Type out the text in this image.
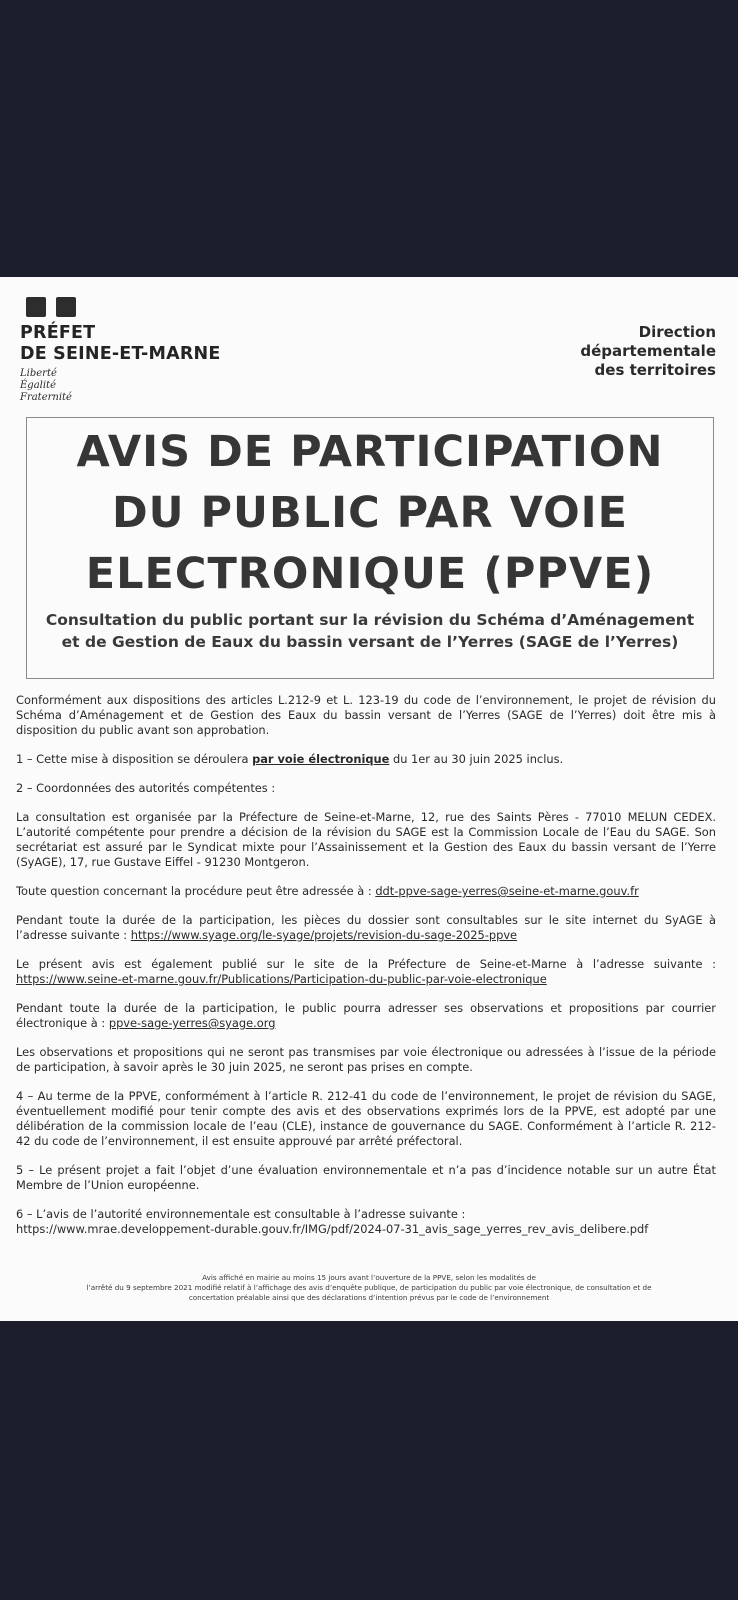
PRÉFET
DE SEINE-ET-MARNE
Liberté
Égalité
Fraternité
Direction
départementale
des territoires
AVIS DE PARTICIPATION
DU PUBLIC PAR VOIE
ELECTRONIQUE (PPVE)
Consultation du public portant sur la révision du Schéma d’Aménagement
et de Gestion de Eaux du bassin versant de l’Yerres (SAGE de l’Yerres)

Conformément aux dispositions des articles L.212-9 et L. 123-19 du code de l’environnement, le projet de révision du Schéma d’Aménagement et de Gestion des Eaux du bassin versant de l’Yerres (SAGE de l’Yerres) doit être mis à disposition du public avant son approbation.

1 – Cette mise à disposition se déroulera par voie électronique du 1er au 30 juin 2025 inclus.

2 – Coordonnées des autorités compétentes :

La consultation est organisée par la Préfecture de Seine-et-Marne, 12, rue des Saints Pères - 77010 MELUN CEDEX. L’autorité compétente pour prendre a décision de la révision du SAGE est la Commission Locale de l’Eau du SAGE. Son secrétariat est assuré par le Syndicat mixte pour l’Assainissement et la Gestion des Eaux du bassin versant de l’Yerre (SyAGE), 17, rue Gustave Eiffel - 91230 Montgeron.

Toute question concernant la procédure peut être adressée à : ddt-ppve-sage-yerres@seine-et-marne.gouv.fr

Pendant toute la durée de la participation, les pièces du dossier sont consultables sur le site internet du SyAGE à l’adresse suivante : https://www.syage.org/le-syage/projets/revision-du-sage-2025-ppve

Le présent avis est également publié sur le site de la Préfecture de Seine-et-Marne à l’adresse suivante : https://www.seine-et-marne.gouv.fr/Publications/Participation-du-public-par-voie-electronique

Pendant toute la durée de la participation, le public pourra adresser ses observations et propositions par courrier électronique à : ppve-sage-yerres@syage.org

Les observations et propositions qui ne seront pas transmises par voie électronique ou adressées à l’issue de la période de participation, à savoir après le 30 juin 2025, ne seront pas prises en compte.

4 – Au terme de la PPVE, conformément à l’article R. 212-41 du code de l’environnement, le projet de révision du SAGE, éventuellement modifié pour tenir compte des avis et des observations exprimés lors de la PPVE, est adopté par une délibération de la commission locale de l’eau (CLE), instance de gouvernance du SAGE. Conformément à l’article R. 212-42 du code de l’environnement, il est ensuite approuvé par arrêté préfectoral.

5 – Le présent projet a fait l’objet d’une évaluation environnementale et n’a pas d’incidence notable sur un autre État Membre de l’Union européenne.

6 – L’avis de l’autorité environnementale est consultable à l’adresse suivante :
https://www.mrae.developpement-durable.gouv.fr/IMG/pdf/2024-07-31_avis_sage_yerres_rev_avis_delibere.pdf

Avis affiché en mairie au moins 15 jours avant l’ouverture de la PPVE, selon les modalités de
l’arrêté du 9 septembre 2021 modifié relatif à l’affichage des avis d’enquête publique, de participation du public par voie électronique, de consultation et de
concertation préalable ainsi que des déclarations d’intention prévus par le code de l’environnement
